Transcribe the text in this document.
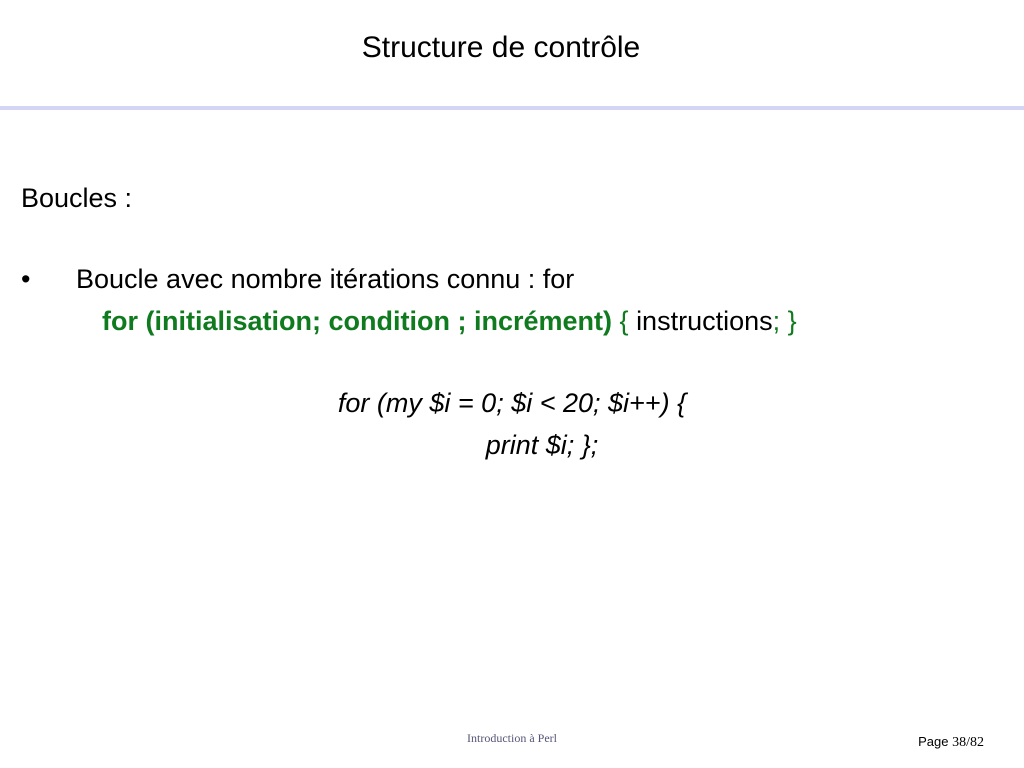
Structure de contrôle

Boucles :

• Boucle avec nombre itérations connu : for
for (initialisation; condition ; incrément) { instructions; }
for (my $i = 0; $i < 20; $i++) {
print $i; };
Introduction à Perl	Page 38/82
